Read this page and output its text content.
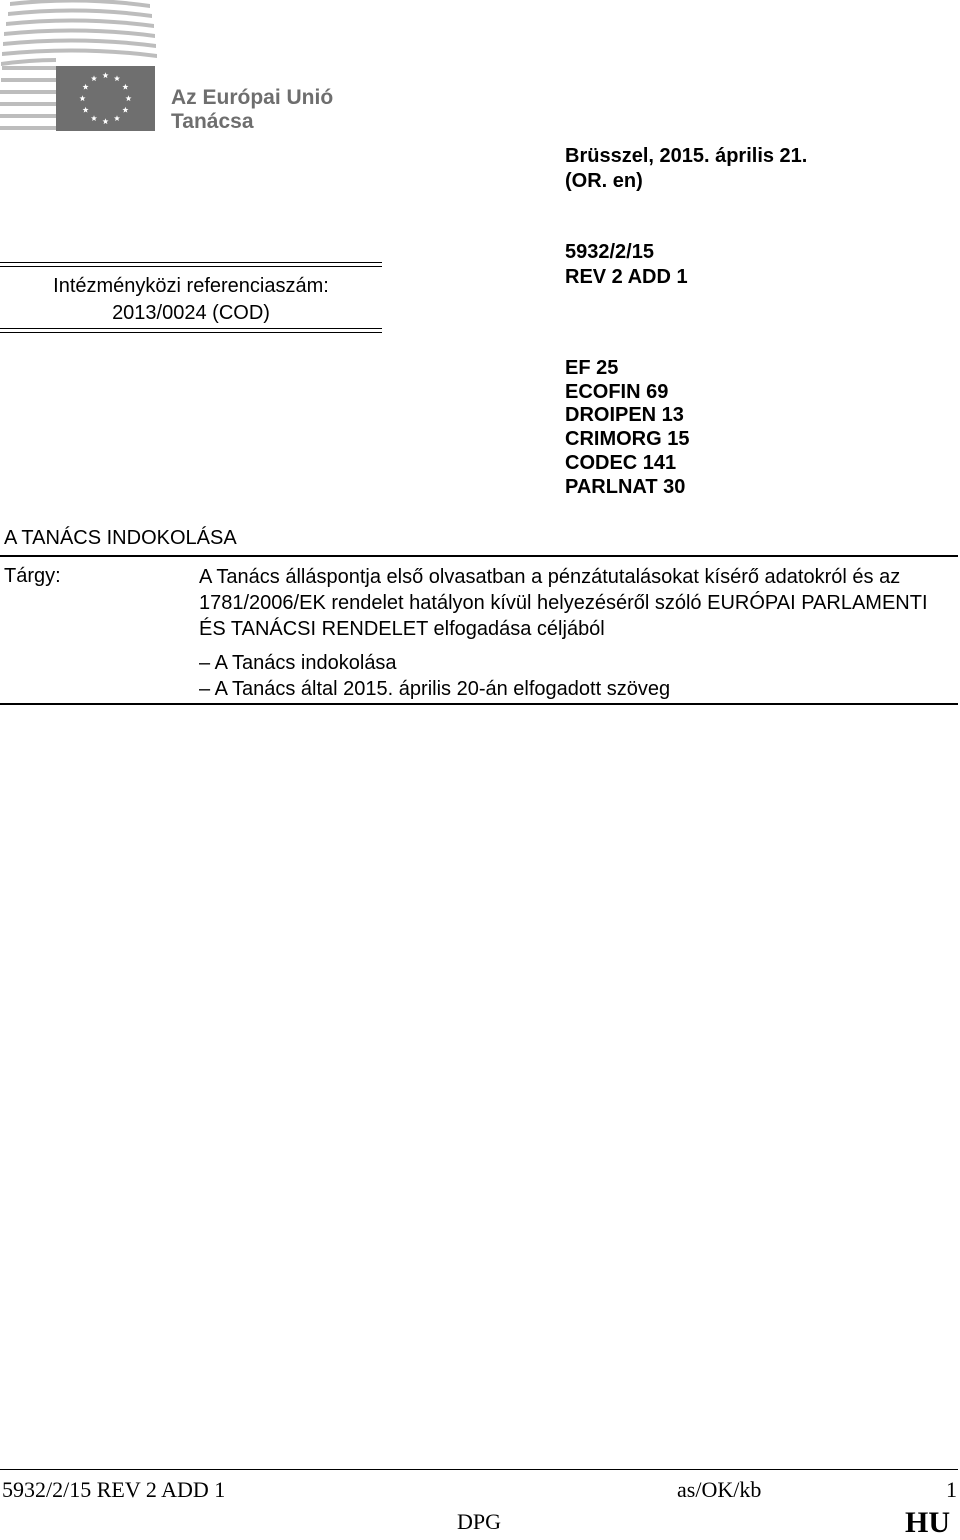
Az Európai Unió
Tanácsa
Brüsszel, 2015. április 21.
(OR. en)
Intézményközi referenciaszám:
2013/0024 (COD)
5932/2/15
REV 2 ADD 1
EF 25
ECOFIN 69
DROIPEN 13
CRIMORG 15
CODEC 141
PARLNAT 30
A TANÁCS INDOKOLÁSA
Tárgy:	A Tanács álláspontja első olvasatban a pénzátutalásokat kísérő adatokról és az 1781/2006/EK rendelet hatályon kívül helyezéséről szóló EURÓPAI PARLAMENTI ÉS TANÁCSI RENDELET elfogadása céljából
– A Tanács indokolása
– A Tanács által 2015. április 20-án elfogadott szöveg
5932/2/15 REV 2 ADD 1	as/OK/kb	1
DPG	HU
